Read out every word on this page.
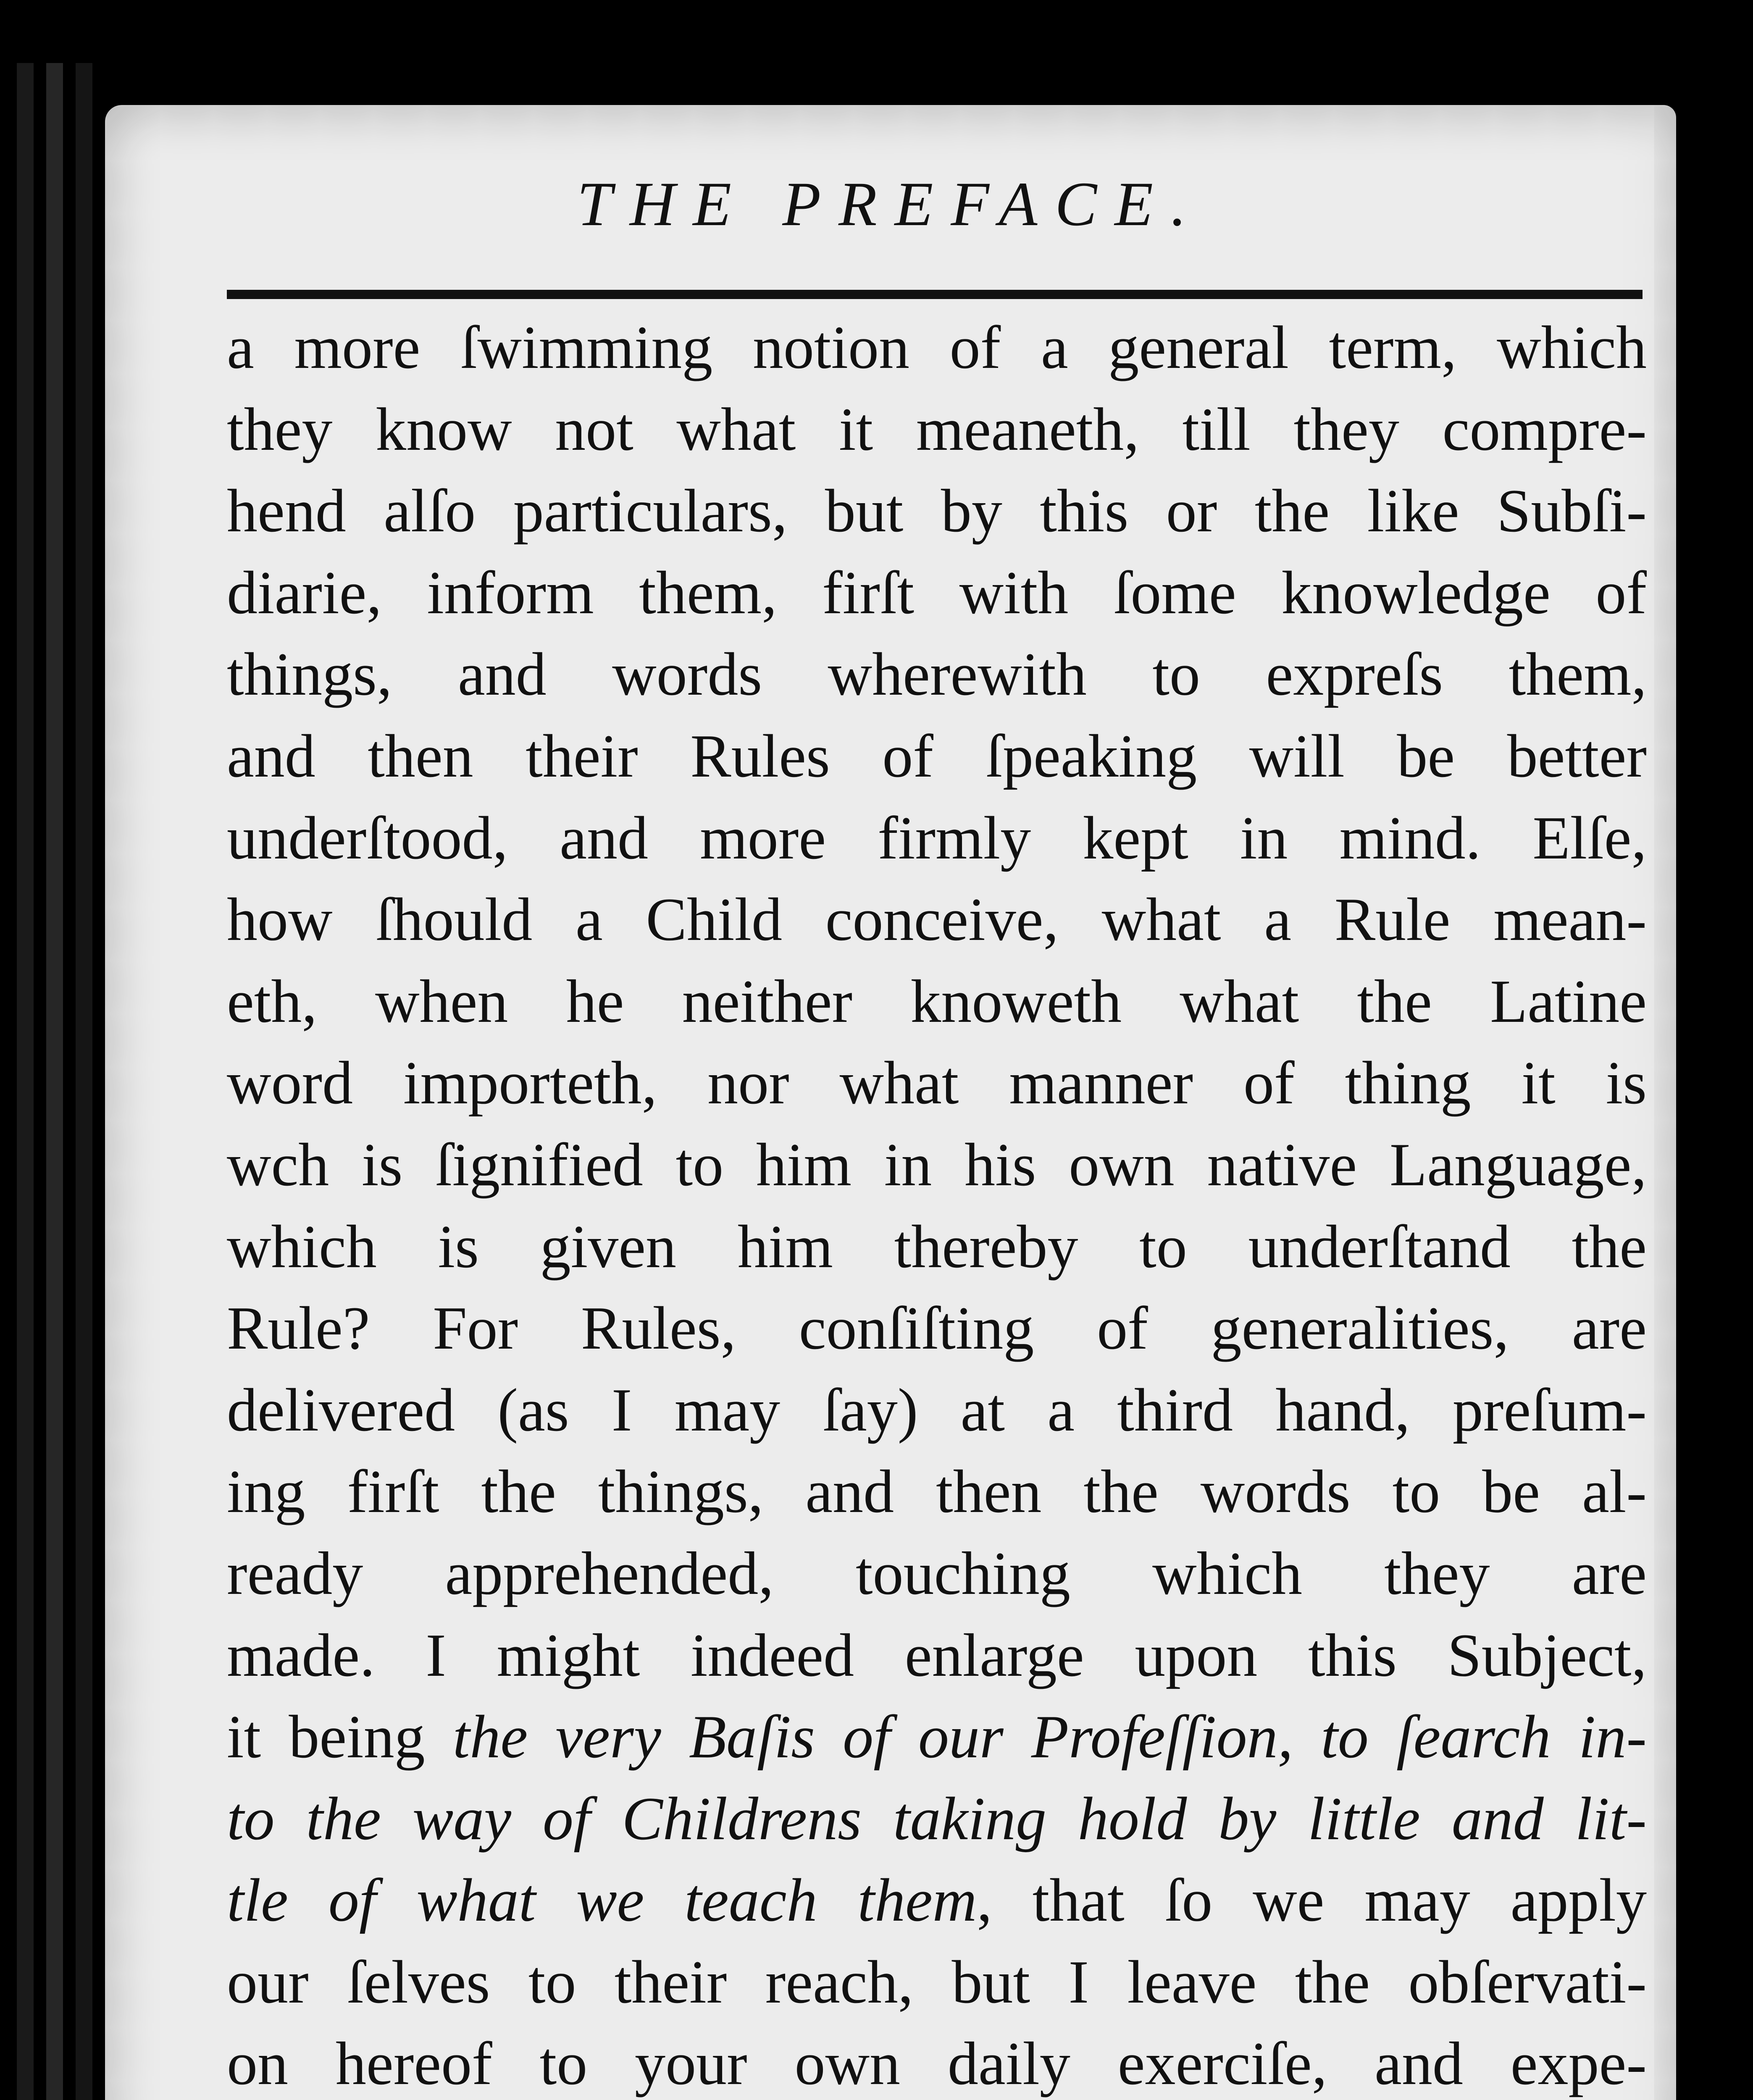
THE PREFACE.
a more ſwimming notion of a general term, which
they know not what it meaneth, till they compre-
hend alſo particulars, but by this or the like Subſi-
diarie, inform them, firſt with ſome knowledge of
things, and words wherewith to expreſs them,
and then their Rules of ſpeaking will be better
underſtood, and more firmly kept in mind. Elſe,
how ſhould a Child conceive, what a Rule mean-
eth, when he neither knoweth what the Latine
word importeth, nor what manner of thing it is
wch is ſignified to him in his own native Language,
which is given him thereby to underſtand the
Rule? For Rules, conſiſting of generalities, are
delivered (as I may ſay) at a third hand, preſum-
ing firſt the things, and then the words to be al-
ready apprehended, touching which they are
made. I might indeed enlarge upon this Subject,
it being the very Baſis of our Profeſſion, to ſearch in-
to the way of Childrens taking hold by little and lit-
tle of what we teach them, that ſo we may apply
our ſelves to their reach, but I leave the obſervati-
on hereof to your own daily exerciſe, and expe-
